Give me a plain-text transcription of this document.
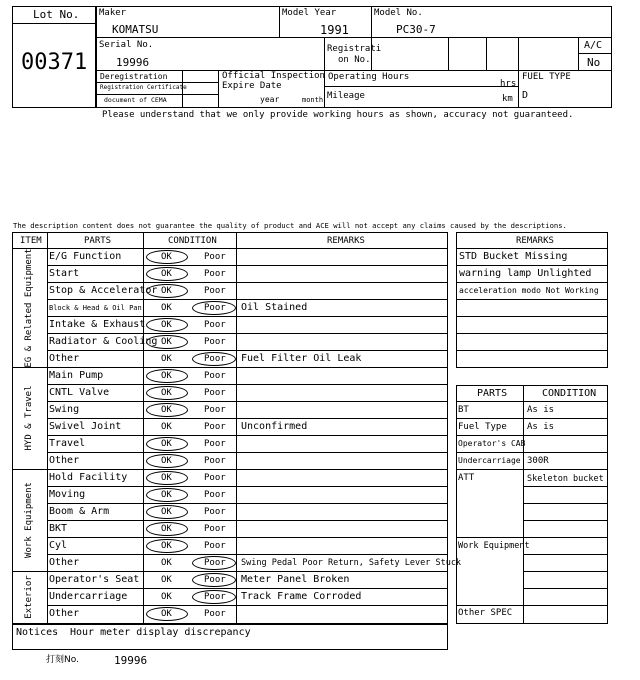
Lot No.
00371
Maker
KOMATSU
Model Year
1991
Model No.
PC30-7
Serial No.
19996
Registrati
on No.
A/C
No
Deregistration
Registration Certificate
document of CEMA
Official Inspection
Expire Date
year	month
Operating Hours
hrs
Mileage	km
FUEL TYPE
D
Please understand that we only provide working hours as shown, accuracy not guaranteed.
The description content does not guarantee the quality of product and ACE will not accept any claims caused by the descriptions.
ITEM	PARTS	CONDITION	REMARKS
EG & Related Equipment E/G Function	OK	Poor
Start	OK	Poor
Stop & Accelerator OK	Poor
Block & Head & Oil Pan OK	Poor Oil Stained
Intake & Exhaust OK	Poor
Radiator & Cooling OK	Poor
Other	OK	Poor Fuel Filter Oil Leak
HYD & Travel
Main Pump	OK	Poor
CNTL Valve	OK	Poor
Swing	OK	Poor
Swivel Joint	OK	Poor Unconfirmed
Travel	OK	Poor
Other	OK	Poor
Work Equipment
Hold Facility	OK	Poor
Moving	OK	Poor
Boom & Arm	OK	Poor
BKT	OK	Poor
Cyl	OK	Poor
Other	OK	Poor Swing Pedal Poor Return, Safety Lever Stuck
Exterior Operator's Seat OK	Poor Meter Panel Broken
Undercarriage	OK	Poor Track Frame Corroded
Other	OK	Poor
Notices Hour meter display discrepancy
打刻No.	19996
REMARKS
STD Bucket Missing
warning lamp Unlighted
acceleration modo Not Working
PARTS	CONDITION
BT	As is
Fuel Type As is
Operator's CAB
Undercarriage 300R
ATT	Skeleton bucket
Work Equipment
Other SPEC
